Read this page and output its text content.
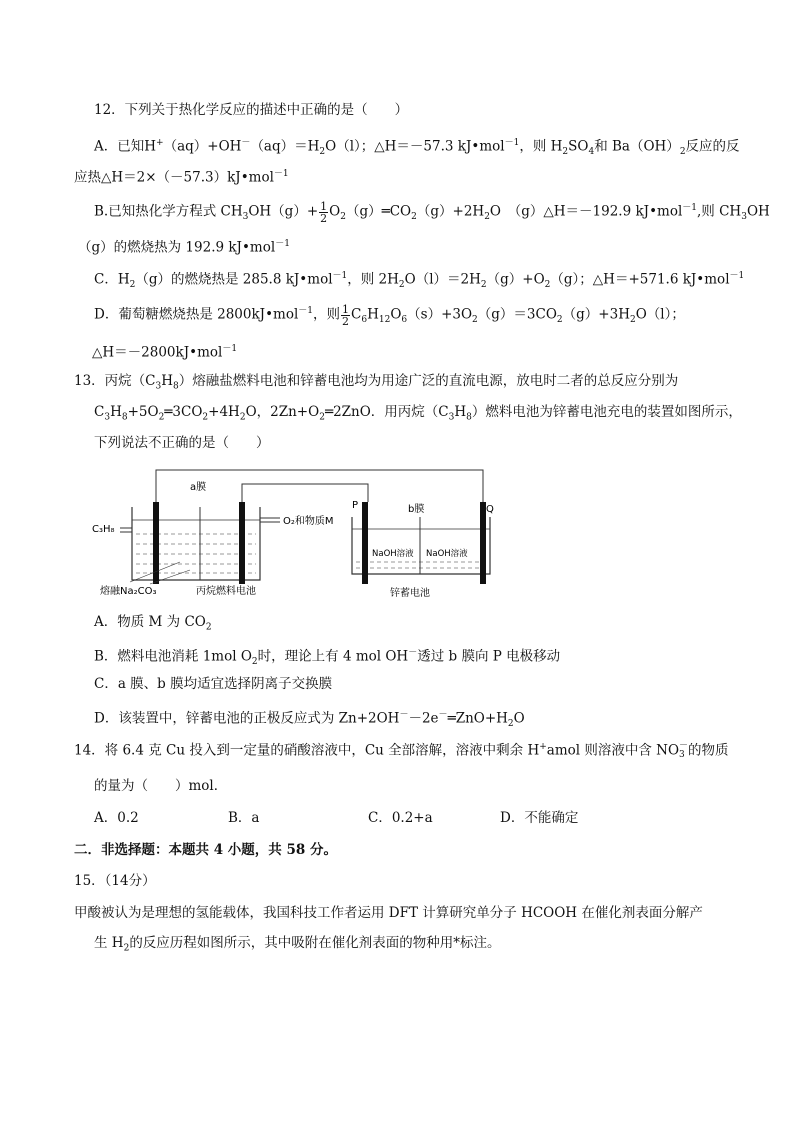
12．下列关于热化学反应的描述中正确的是（　　）
A．已知$H^+(aq)+OH^-(aq)=H_2O(l)$；△H＝－57.3 kJ•mol$^{-1}$，则 $H_2SO_4$和 $Ba(OH)_2$反应的反
应热△H＝2×（－57.3）kJ•mol$^{-1}$
B.已知热化学方程式 $CH_3OH(g)+ \frac{1}{2}$ $O_2(g)═CO_2(g)+2H_2O$　（g）△H＝－192.9 kJ•mol$^{-1}$,则 $CH_3OH$
（g）的燃烧热为 192.9 kJ•mol$^{-1}$
C．$H_2(g)$的燃烧热是 285.8 kJ•mol$^{-1}$，则 $2H_2O(l)=2H_2(g)+O_2(g)$；△H＝+571.6 kJ•mol$^{-1}$
D．葡萄糖燃烧热是 2800kJ•mol$^{-1}$，则 $\frac{1}{2} C_6H_{12}O_6(s)+3O_2(g)=3CO_2(g)+3H_2O(l)$；
△H＝－2800kJ•mol$^{-1}$
13．丙烷$(C_3H_8)$熔融盐燃料电池和锌蓄电池均为用途广泛的直流电源，放电时二者的总反应分别为
$C_3H_8+5O_2═3CO_2+4H_2O$，$2Zn+O_2═2ZnO$．用丙烷$(C_3H_8)$燃料电池为锌蓄电池充电的装置如图所示，
下列说法不正确的是（　　）
a膜
C₃H₈
O₂和物质M
熔融Na₂CO₃	丙烷燃料电池
P	b膜	Q
NaOH溶液 NaOH溶液
锌蓄电池
A．物质 M 为 $CO_2$
B．燃料电池消耗 1mol $O_2$时，理论上有 4 mol OH－透过 b 膜向 P 电极移动
C．a 膜、b 膜均适宜选择阴离子交换膜
D．该装置中，锌蓄电池的正极反应式为 $Zn+2OH^--2e^-═ZnO+H_2O$
14．将 6.4 克 Cu 投入到一定量的硝酸溶液中，Cu 全部溶解，溶液中剩余 H+amol 则溶液中含 NO －
3 的物质
的量为（　　）mol．
A．0.2	B．a	C．0.2+a	D．不能确定
二．非选择题：本题共 4 小题，共 58 分。
15．（14分）
甲酸被认为是理想的氢能载体，我国科技工作者运用 DFT 计算研究单分子 HCOOH 在催化剂表面分解产
生 $H_2$的反应历程如图所示，其中吸附在催化剂表面的物种用*标注。
